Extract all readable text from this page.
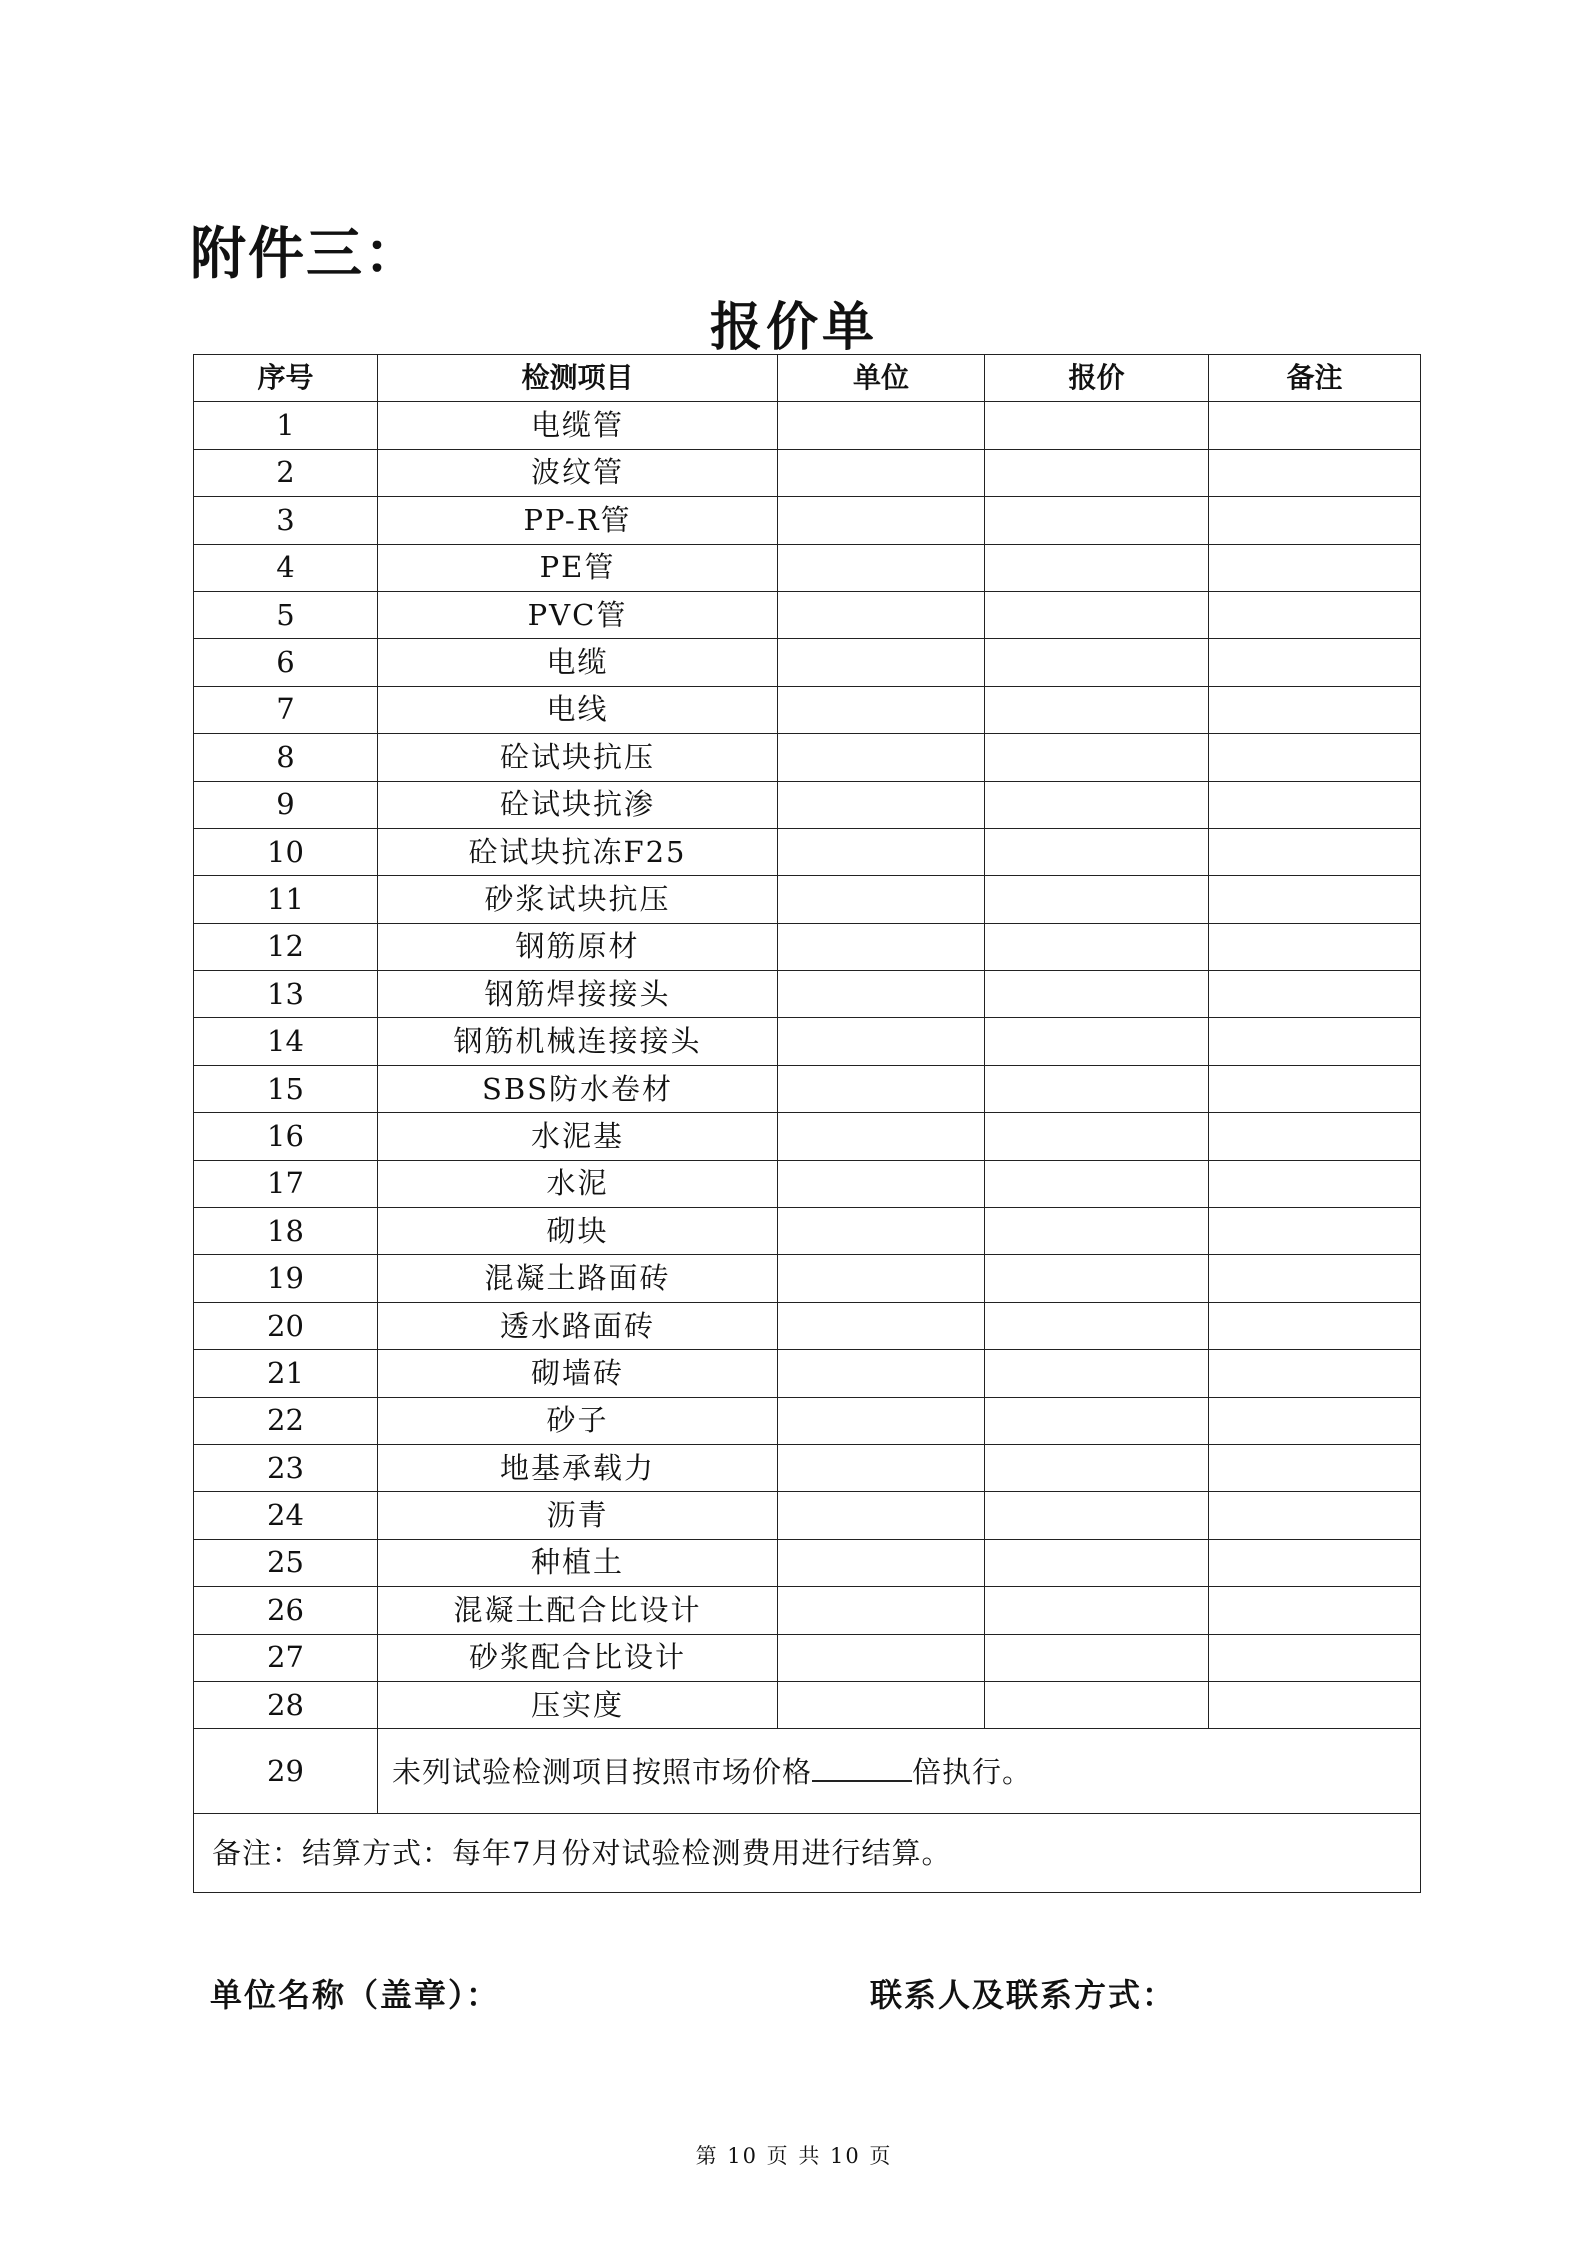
附件三：
报价单
序号	检测项目	单位	报价	备注
1	电缆管			
2	波纹管			
3	PP-R管			
4	PE管			
5	PVC管			
6	电缆			
7	电线			
8	砼试块抗压			
9	砼试块抗渗			
10	砼试块抗冻F25			
11	砂浆试块抗压			
12	钢筋原材			
13	钢筋焊接接头			
14	钢筋机械连接接头			
15	SBS防水卷材			
16	水泥基			
17	水泥			
18	砌块			
19	混凝土路面砖			
20	透水路面砖			
21	砌墙砖			
22	砂子			
23	地基承载力			
24	沥青			
25	种植土			
26	混凝土配合比设计			
27	砂浆配合比设计			
28	压实度			
29	未列试验检测项目按照市场价格 倍执行。			
备注：结算方式：每年7月份对试验检测费用进行结算。				
单位名称（盖章）：	联系人及联系方式：
第 10 页 共 10 页
